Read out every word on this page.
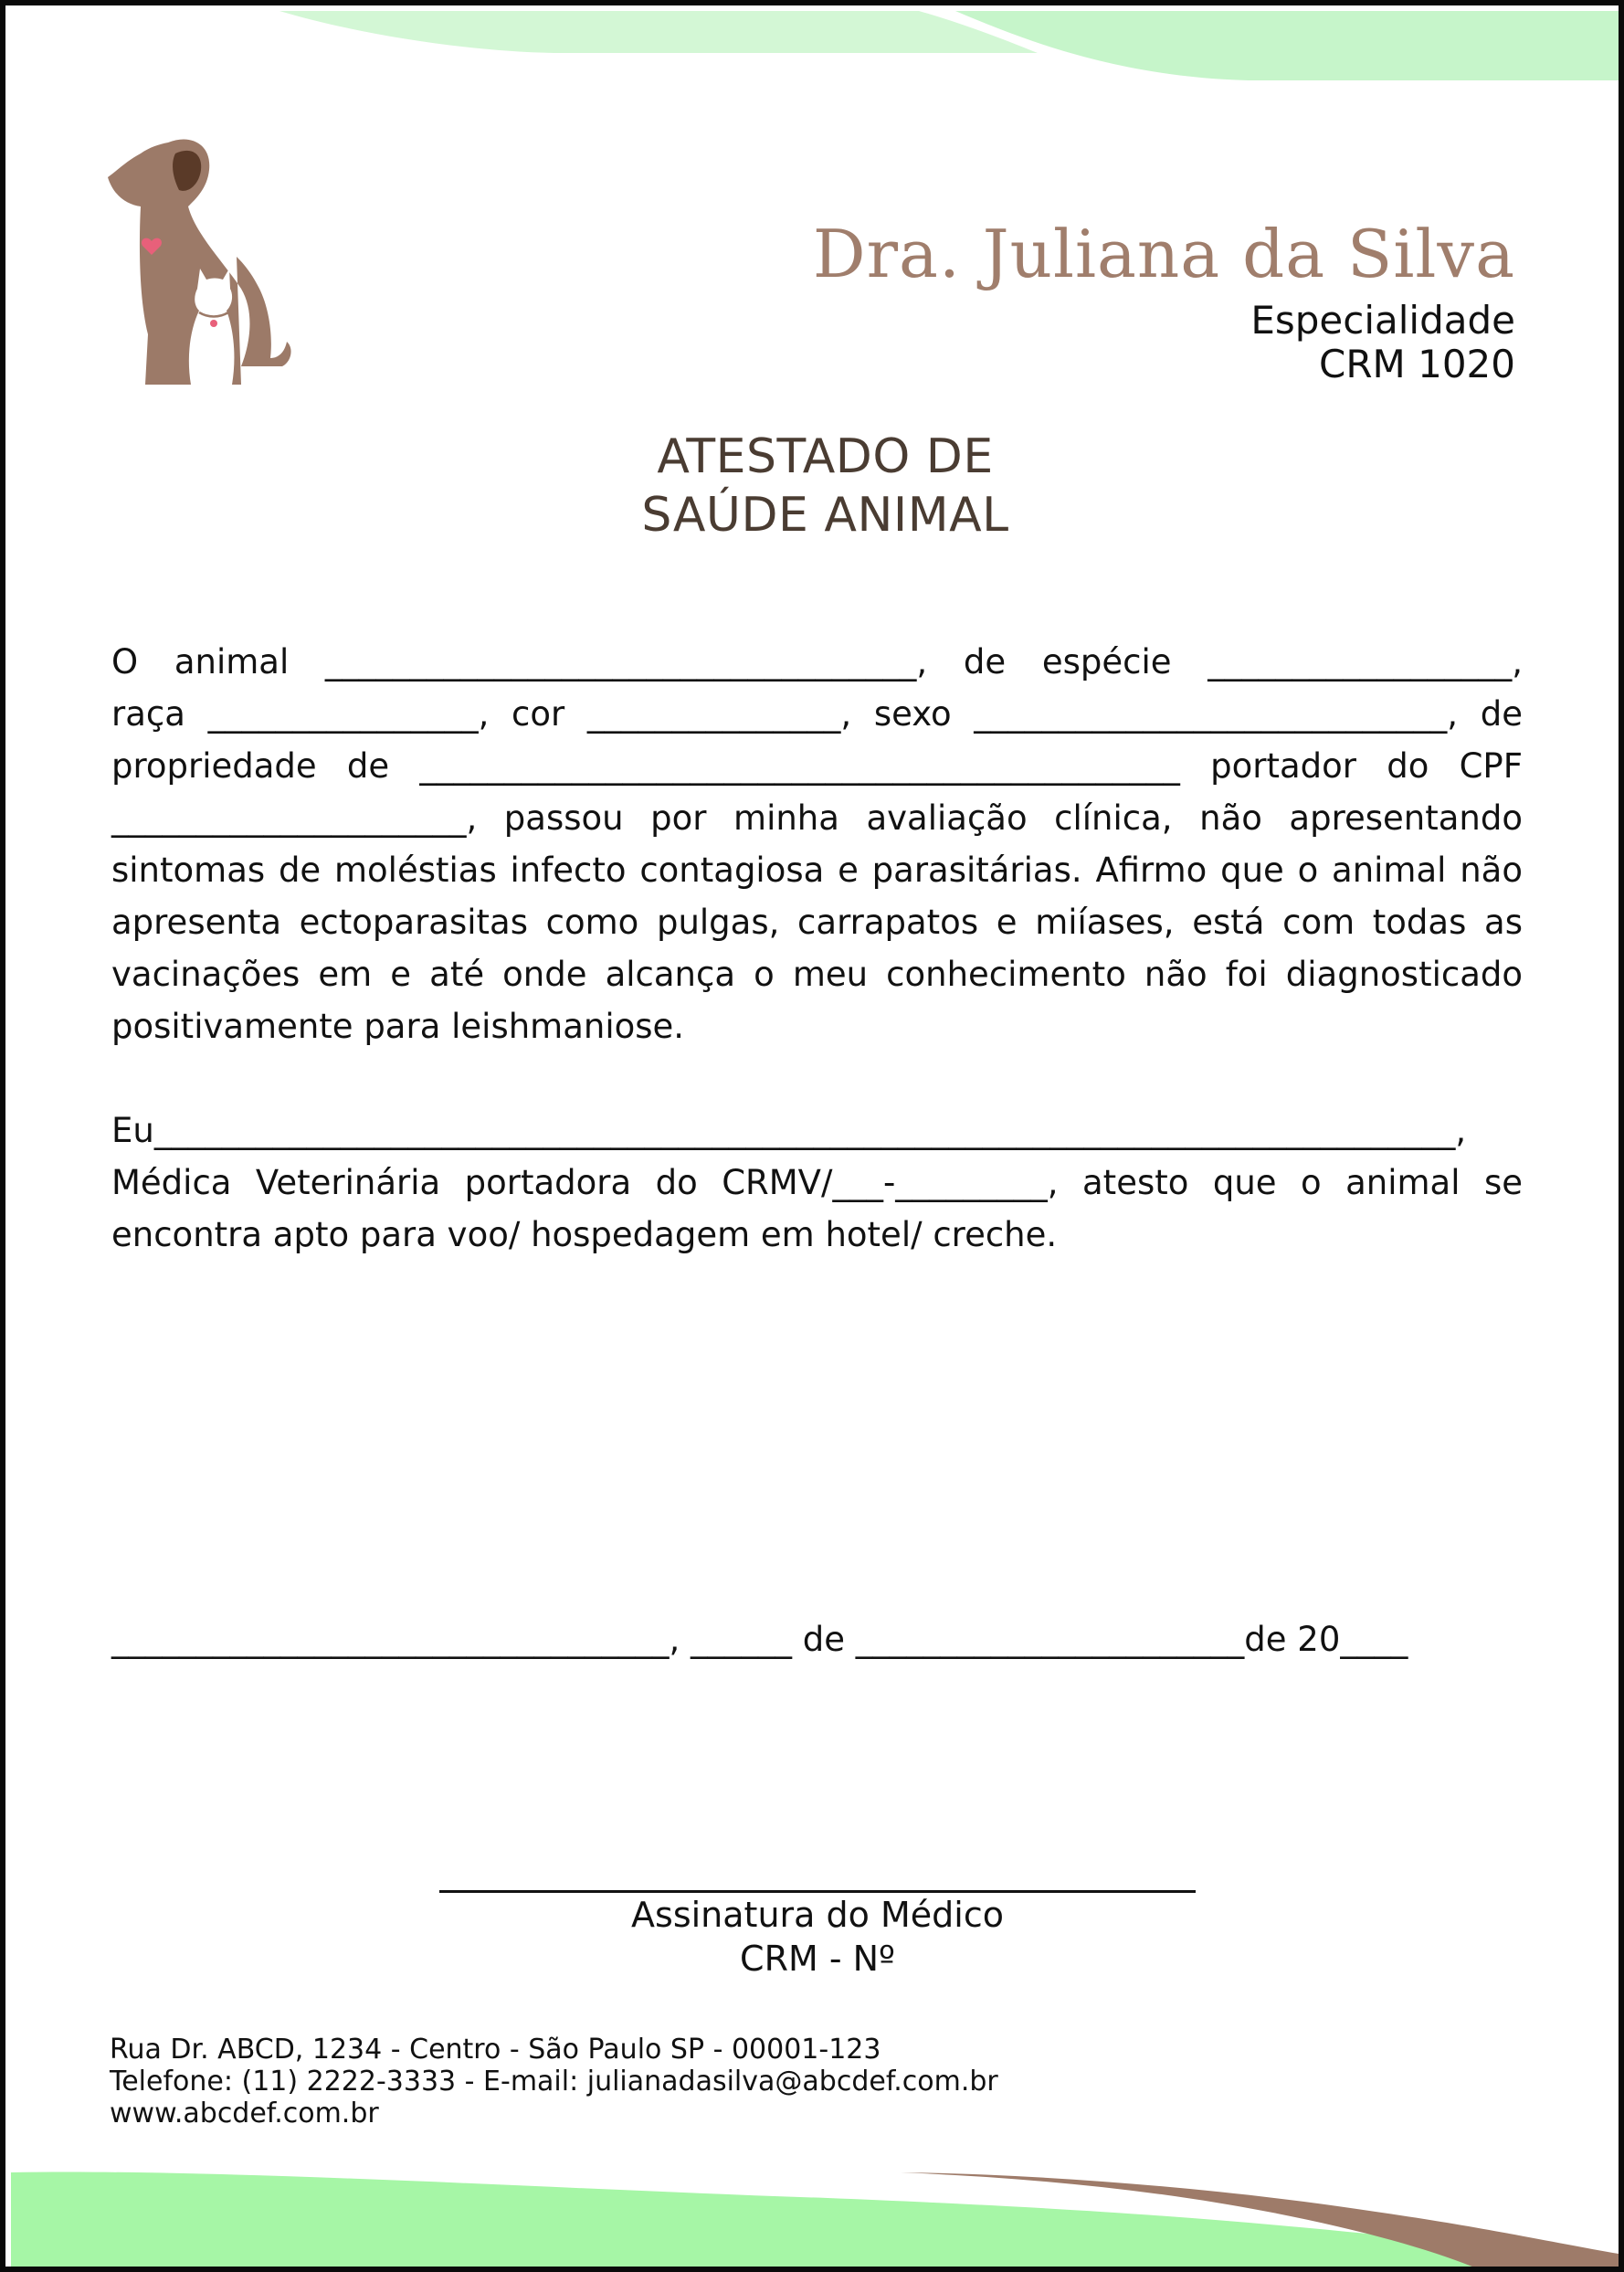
Dra. Juliana da Silva
Especialidade
CRM 1020
ATESTADO DE
SAÚDE ANIMAL

O animal ___________________________________, de espécie __________________,

raça ________________, cor _______________, sexo ____________________________, de

propriedade de _____________________________________________ portador do CPF

_____________________, passou por minha avaliação clínica, não apresentando

sintomas de moléstias infecto contagiosa e parasitárias. Afirmo que o animal não

apresenta ectoparasitas como pulgas, carrapatos e miíases, está com todas as

vacinações em e até onde alcança o meu conhecimento não foi diagnosticado

positivamente para leishmaniose.

Eu_____________________________________________________________________________,

Médica Veterinária portadora do CRMV/___-_________, atesto que o animal se

encontra apto para voo/ hospedagem em hotel/ creche.

_________________________________, ______ de _______________________de 20____
Assinatura do Médico
CRM - Nº
Rua Dr. ABCD, 1234 - Centro - São Paulo SP - 00001-123
Telefone: (11) 2222-3333 - E-mail: julianadasilva@abcdef.com.br
www.abcdef.com.br
